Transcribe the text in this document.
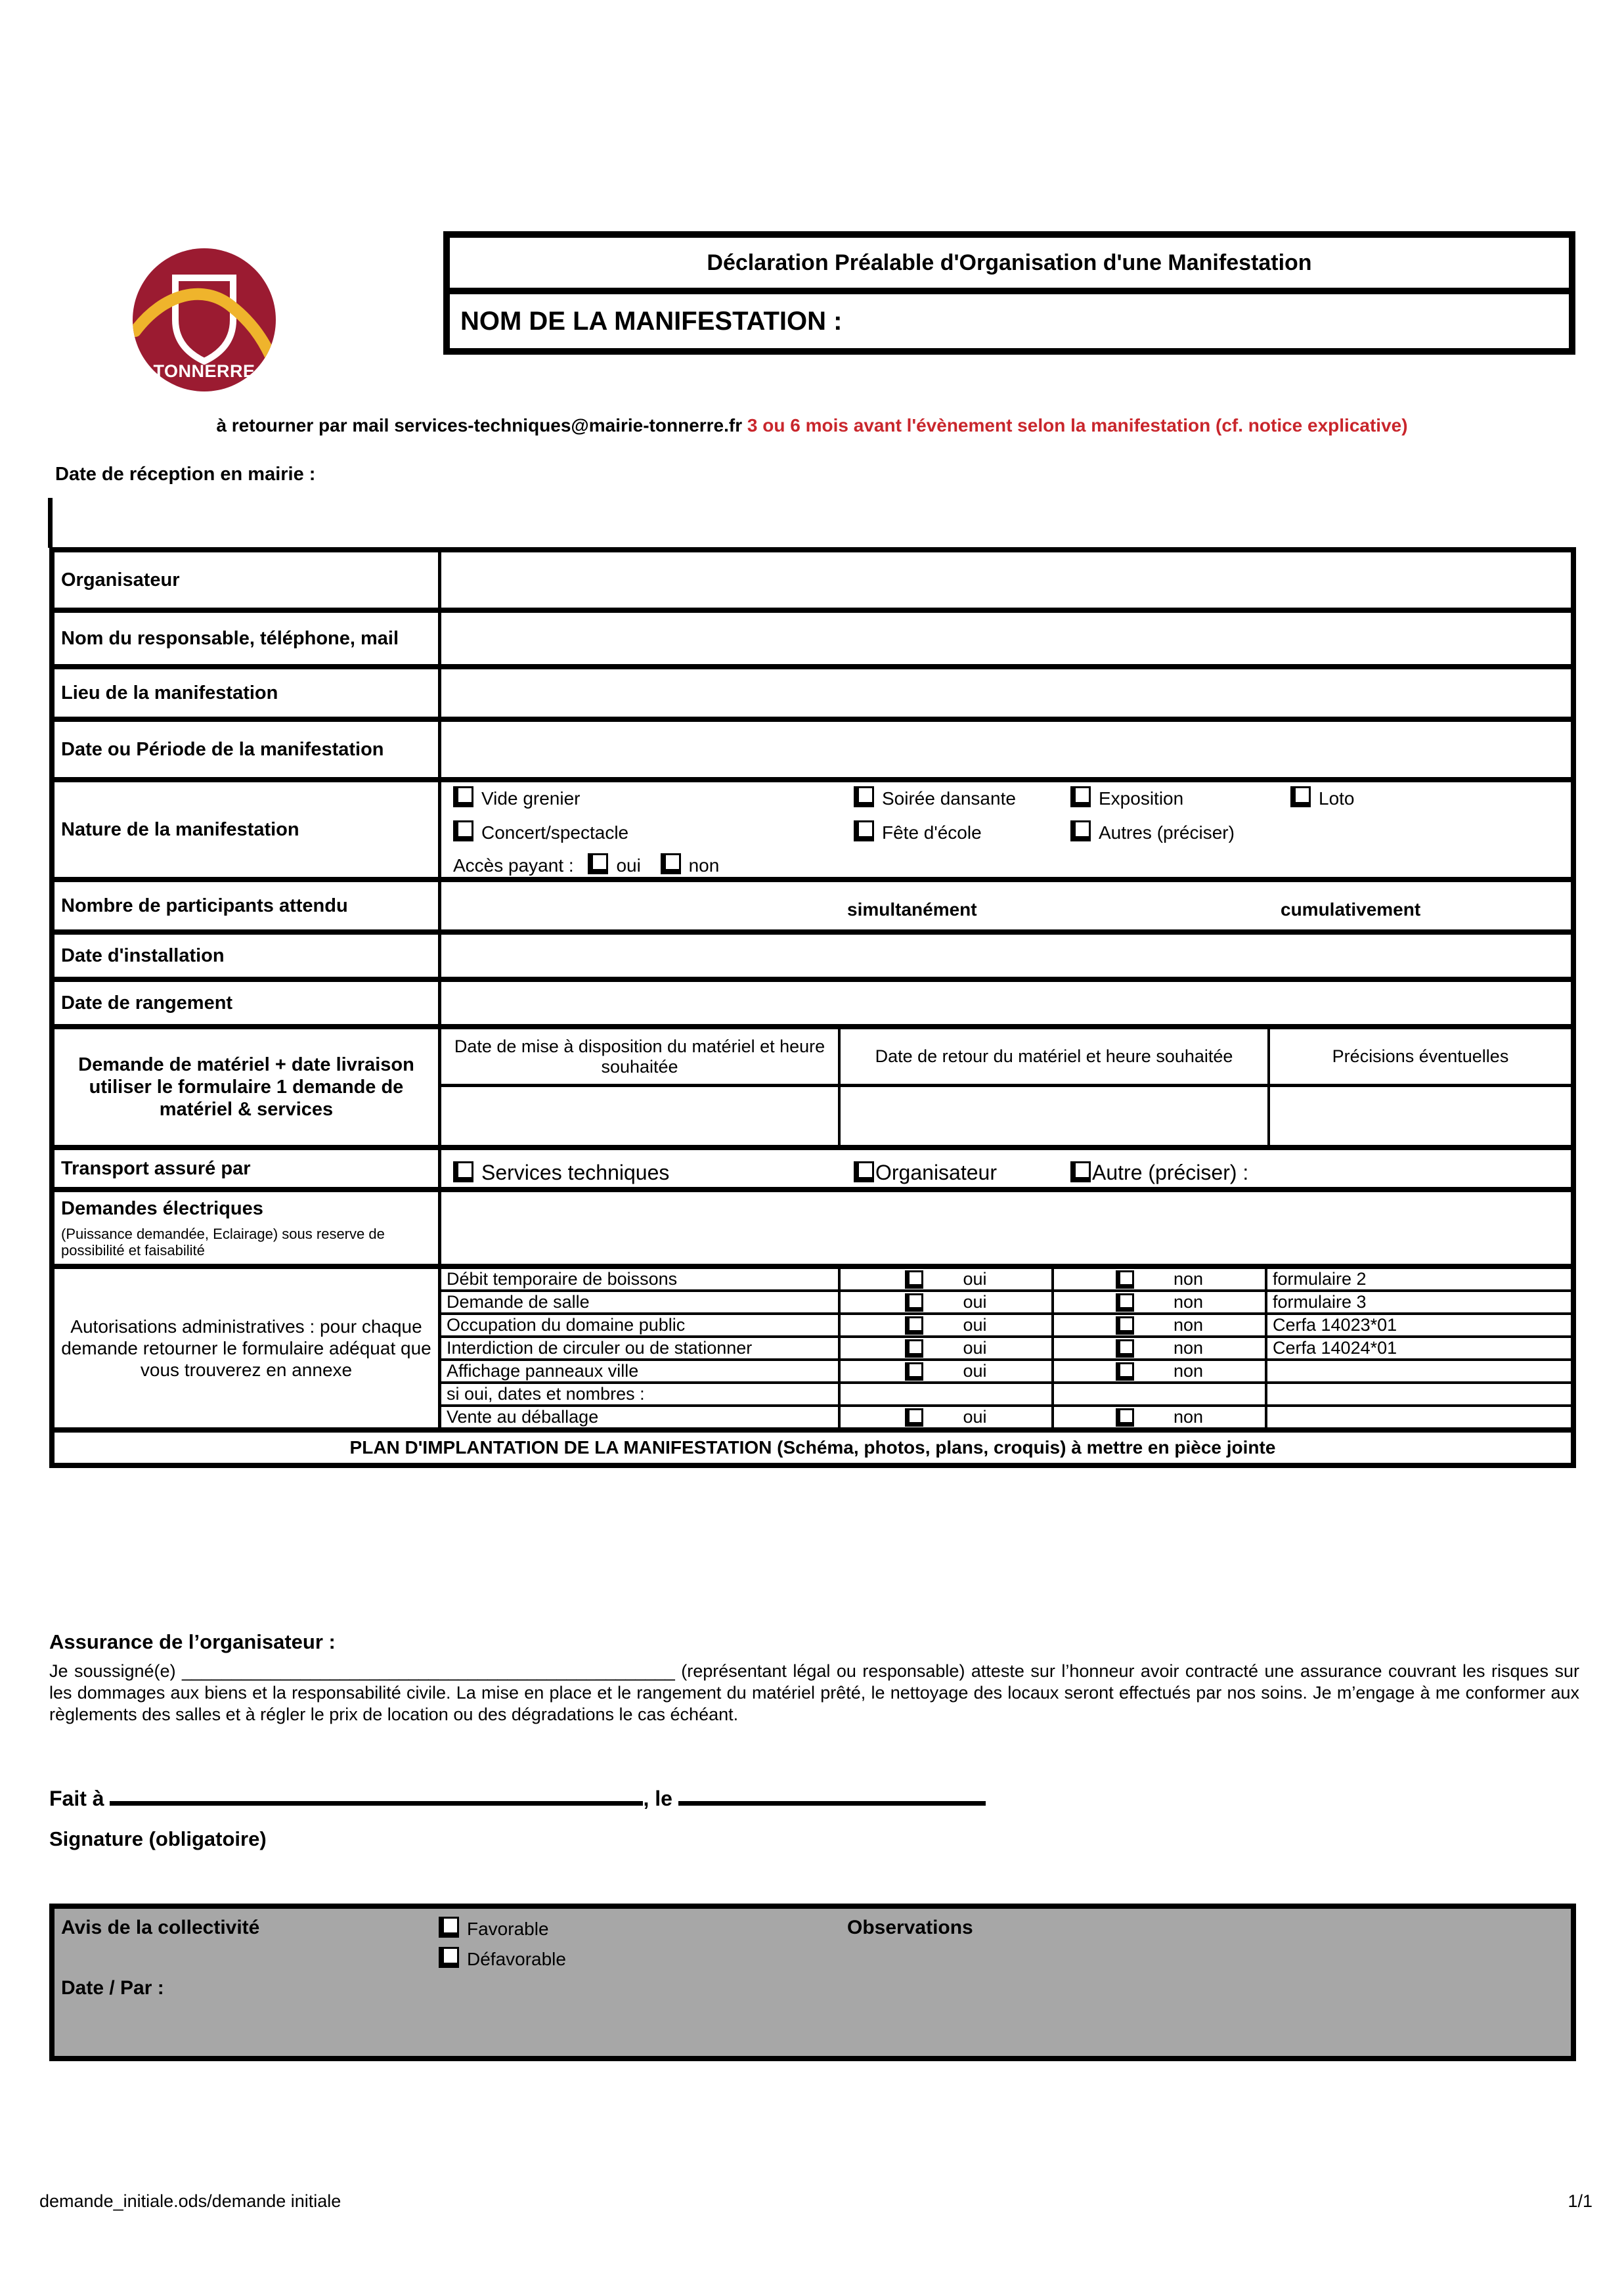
TONNERRE
Déclaration Préalable d'Organisation d'une Manifestation
NOM DE LA MANIFESTATION :
à retourner par mail services-techniques@mairie-tonnerre.fr 3 ou 6 mois avant l'évènement selon la manifestation (cf. notice explicative)
Date de réception en mairie :
Organisateur
Nom du responsable, téléphone, mail
Lieu de la manifestation
Date ou Période de la manifestation
Nature de la manifestation
Vide grenier	Soirée dansante	Exposition	Loto
Concert/spectacle	Fête d'école	Autres (préciser)
Accès payant : oui	non
Nombre de participants attendu	simultanément	cumulativement
Date d'installation
Date de rangement
Demande de matériel + date livraison
utiliser le formulaire 1 demande de
matériel & services
Date de mise à disposition du matériel et heure souhaitée
Date de retour du matériel et heure souhaitée	Précisions éventuelles
Transport assuré par	Services techniques	Organisateur	Autre (préciser) :
Demandes électriques
(Puissance demandée, Eclairage) sous reserve de possibilité et faisabilité
Autorisations administratives : pour chaque demande retourner le formulaire adéquat que vous trouverez en annexe
Débit temporaire de boissons	oui	non	formulaire 2
Demande de salle	oui	non	formulaire 3
Occupation du domaine public	oui	non	Cerfa 14023*01
Interdiction de circuler ou de stationner	oui	non	Cerfa 14024*01
Affichage panneaux ville	oui	non
si oui, dates et nombres :
Vente au déballage	oui	non
PLAN D'IMPLANTATION DE LA MANIFESTATION (Schéma, photos, plans, croquis) à mettre en pièce jointe
Assurance de l’organisateur :
Je soussigné(e) __________________________________________________ (représentant légal ou responsable) atteste sur l’honneur avoir contracté une assurance couvrant les risques sur les dommages aux biens et la responsabilité civile. La mise en place et le rangement du matériel prêté, le nettoyage des locaux seront effectués par nos soins. Je m’engage à me conformer aux règlements des salles et à régler le prix de location ou des dégradations le cas échéant.
Fait à	, le
Signature (obligatoire)
Avis de la collectivité	Favorable
Défavorable
Observations
Date / Par :
demande_initiale.ods/demande initiale	1/1
